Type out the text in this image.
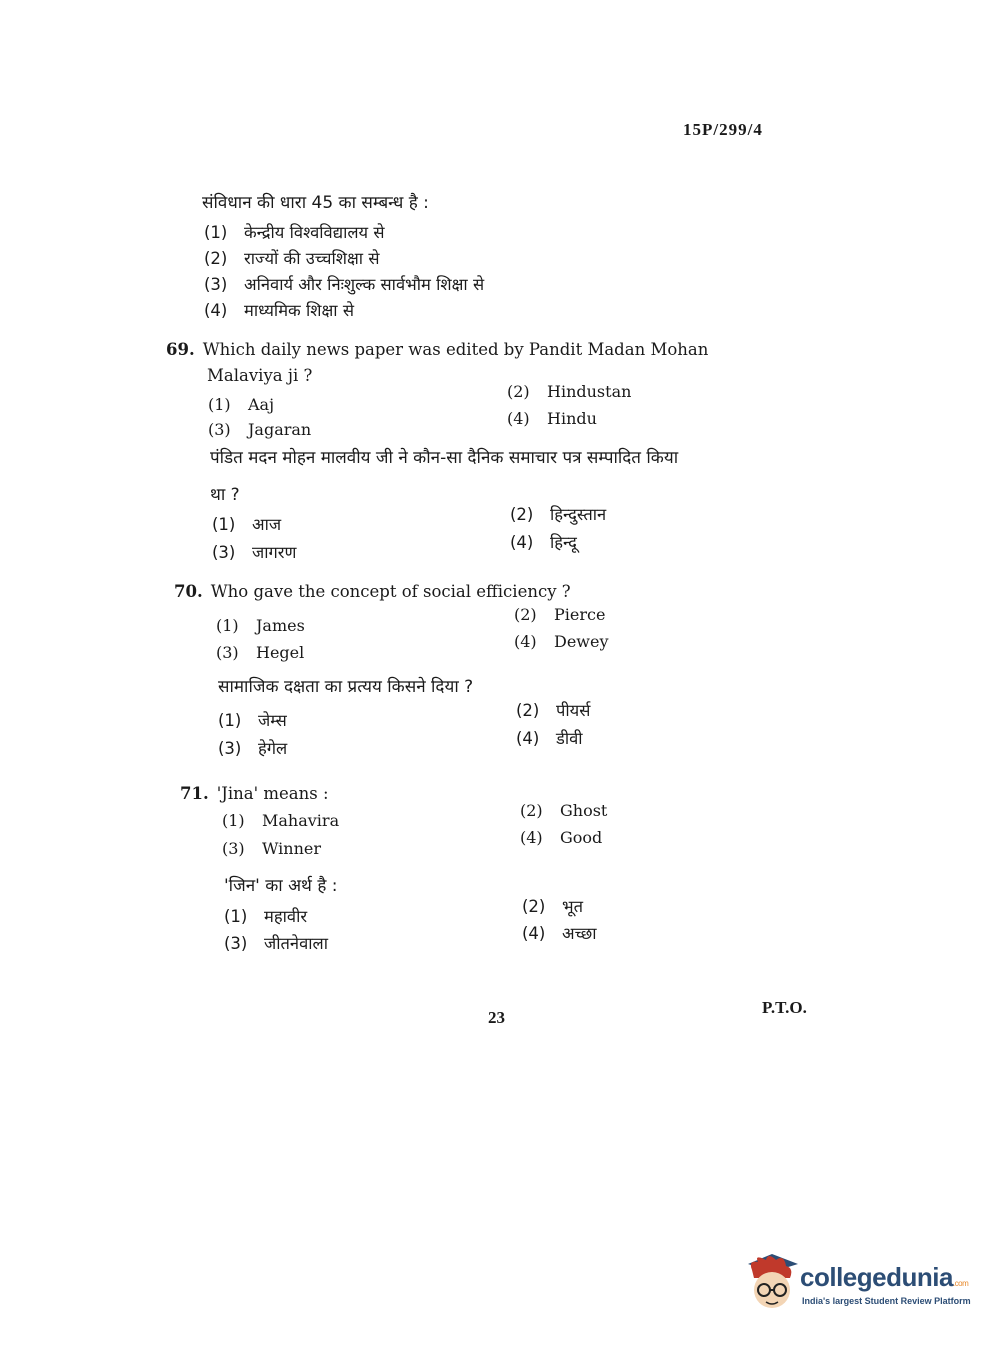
15P/299/4
संविधान की धारा 45 का सम्बन्ध है :
(1) केन्द्रीय विश्वविद्यालय से
(2) राज्यों की उच्चशिक्षा से
(3) अनिवार्य और निःशुल्क सार्वभौम शिक्षा से
(4) माध्यमिक शिक्षा से
69. Which daily news paper was edited by Pandit Madan Mohan
Malaviya ji ?
(1) Aaj
(2) Hindustan
(3) Jagaran
(4) Hindu
पंडित मदन मोहन मालवीय जी ने कौन-सा दैनिक समाचार पत्र सम्पादित किया
था ?
(1) आज
(2) हिन्दुस्तान
(3) जागरण
(4) हिन्दू
70. Who gave the concept of social efficiency ?
(1) James
(2) Pierce
(3) Hegel
(4) Dewey
सामाजिक दक्षता का प्रत्यय किसने दिया ?
(1) जेम्स
(2) पीयर्स
(3) हेगेल
(4) डीवी
71. 'Jina' means :
(1) Mahavira
(2) Ghost
(3) Winner
(4) Good
'जिन' का अर्थ है :
(1) महावीर
(2) भूत
(3) जीतनेवाला
(4) अच्छा
23
P.T.O.
collegedunia.com
India's largest Student Review Platform
